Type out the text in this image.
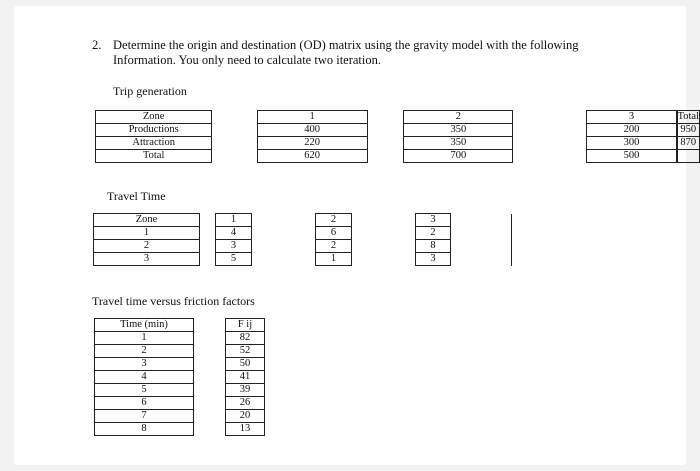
2. Determine the origin and destination (OD) matrix using the gravity model with the following Information. You only need to calculate two iteration.
Trip generation
Zone		1		2		3		Total
Productions		400		350		200		950
Attraction		220		350		300		870
Total		620		700		500		
Travel Time
Zone		1		2		3	
1		4		6		2	
2		3		2		8	
3		5		1		3	
Travel time versus friction factors
Time (min)		F ij
1		82
2		52
3		50
4		41
5		39
6		26
7		20
8		13
